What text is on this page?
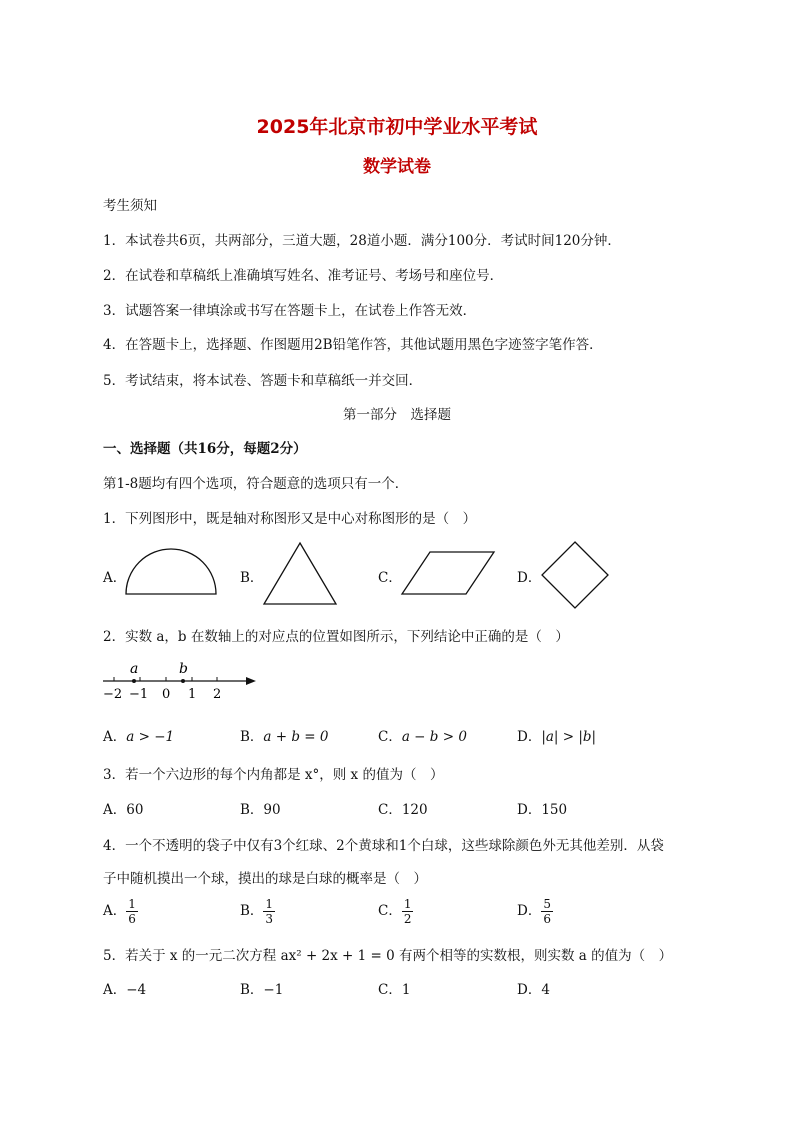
2025年北京市初中学业水平考试
数学试卷
考生须知
1．本试卷共6页，共两部分，三道大题，28道小题．满分100分．考试时间120分钟．
2．在试卷和草稿纸上准确填写姓名、准考证号、考场号和座位号．
3．试题答案一律填涂或书写在答题卡上，在试卷上作答无效．
4．在答题卡上，选择题、作图题用2B铅笔作答，其他试题用黑色字迹签字笔作答．
5．考试结束，将本试卷、答题卡和草稿纸一并交回．
第一部分　选择题
一、选择题（共16分，每题2分）
第1-8题均有四个选项，符合题意的选项只有一个．
1．下列图形中，既是轴对称图形又是中心对称图形的是（　）
A．	B．	C．	D．
2．实数 a，b 在数轴上的对应点的位置如图所示，下列结论中正确的是（　）
a	b
−2 −1 0 1 2
A．a > −1	B．a + b = 0	C．a − b > 0	D．|a| > |b|
3．若一个六边形的每个内角都是 x°，则 x 的值为（　）
A．60	B．90	C．120	D．150
4．一个不透明的袋子中仅有3个红球、2个黄球和1个白球，这些球除颜色外无其他差别．从袋
子中随机摸出一个球，摸出的球是白球的概率是（　）
A． $\frac{1}{6}$	B． $\frac{1}{3}$	C． $\frac{1}{2}$	D． $\frac{5}{6}$
5．若关于 x 的一元二次方程 ax² + 2x + 1 = 0 有两个相等的实数根，则实数 a 的值为（　）
A．−4	B．−1	C．1	D．4
